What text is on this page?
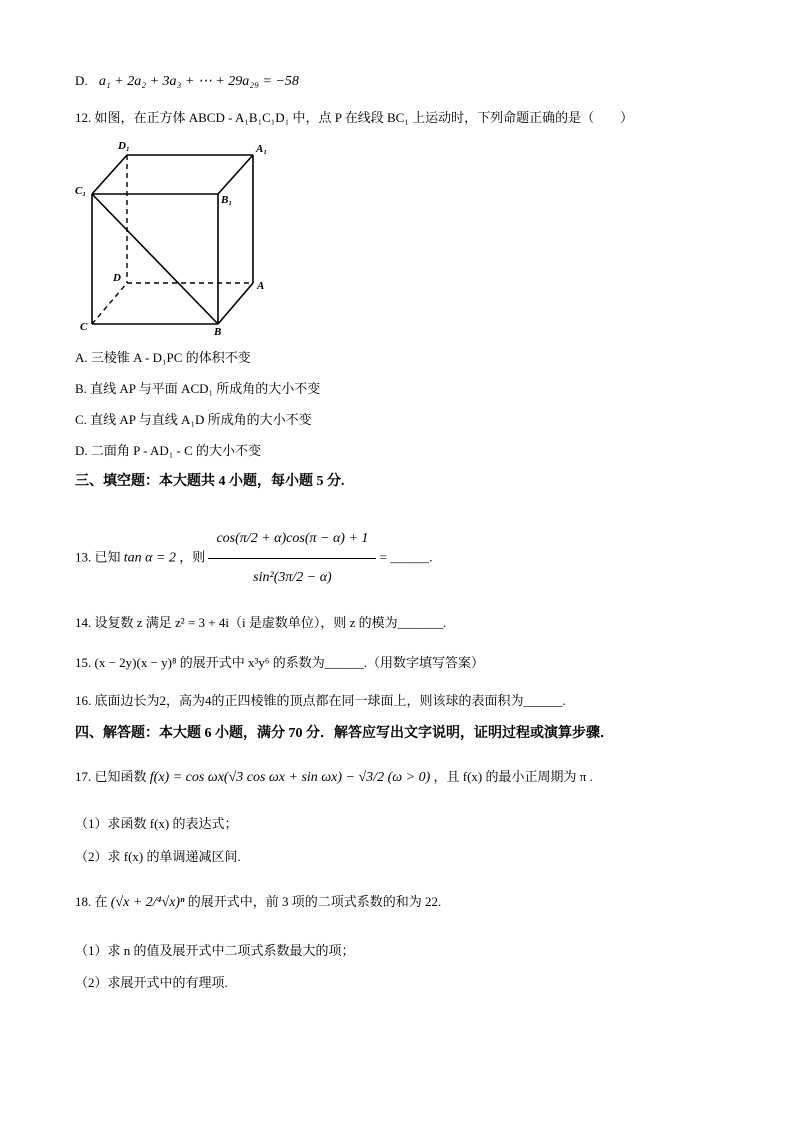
D. a₁ + 2a₂ + 3a₃ + ⋯ + 29a₂₉ = −58
12. 如图，在正方体 ABCD - A₁B₁C₁D₁ 中，点 P 在线段 BC₁ 上运动时，下列命题正确的是（　　）
D₁	A₁
C₁
B₁
D
A
C	B
A. 三棱锥 A - D₁PC 的体积不变
B. 直线 AP 与平面 ACD₁ 所成角的大小不变
C. 直线 AP 与直线 A₁D 所成角的大小不变
D. 二面角 P - AD₁ - C 的大小不变
三、填空题：本大题共 4 小题，每小题 5 分.
13. 已知 tan α = 2 ，则 $\frac{\cos(\pi/2 + \alpha)\cos(\pi - \alpha) + 1}{\text{sin²(3π/2 − α)}}$ = ______.
14. 设复数 z 满足 z² = 3 + 4i（i 是虚数单位），则 z 的模为_______.
15. (x − 2y)(x − y)⁸ 的展开式中 x³y⁶ 的系数为______.（用数字填写答案）
16. 底面边长为2，高为4的正四棱锥的顶点都在同一球面上，则该球的表面积为______.
四、解答题：本大题 6 小题，满分 70 分．解答应写出文字说明，证明过程或演算步骤．
17. 已知函数 f(x) = cos ωx(√3 cos ωx + sin ωx) − √3/2 (ω > 0) ，且 f(x) 的最小正周期为 π .
（1）求函数 f(x) 的表达式；
（2）求 f(x) 的单调递减区间.
18. 在 (√x + 2/⁴√x)ⁿ 的展开式中，前 3 项的二项式系数的和为 22.
（1）求 n 的值及展开式中二项式系数最大的项；
（2）求展开式中的有理项.
